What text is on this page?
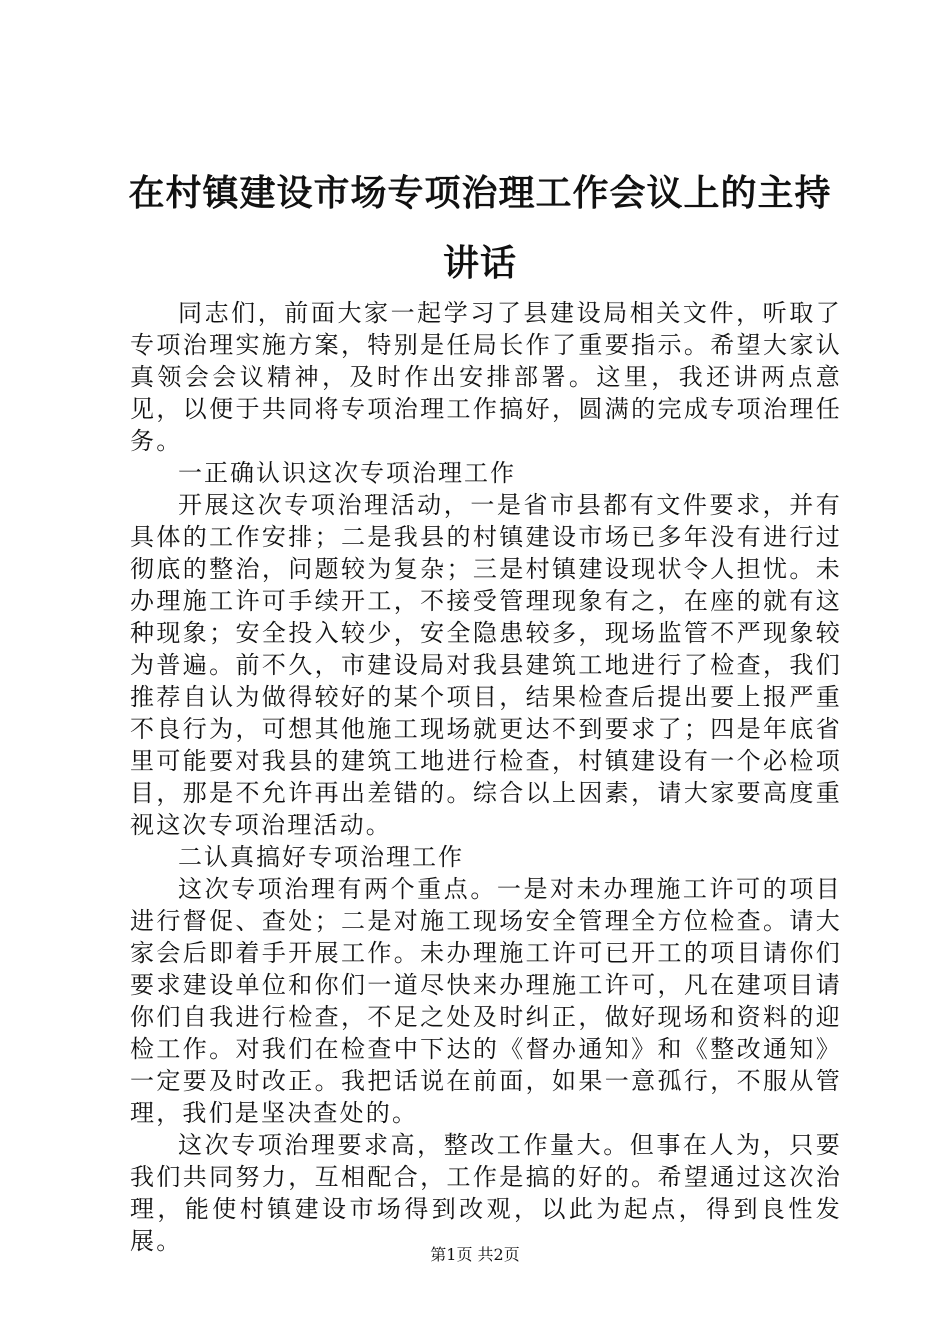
在村镇建设市场专项治理工作会议上的主持讲话

同志们，前面大家一起学习了县建设局相关文件，听取了专项治理实施方案，特别是任局长作了重要指示。希望大家认真领会会议精神，及时作出安排部署。这里，我还讲两点意见，以便于共同将专项治理工作搞好，圆满的完成专项治理任务。

一正确认识这次专项治理工作

开展这次专项治理活动，一是省市县都有文件要求，并有具体的工作安排；二是我县的村镇建设市场已多年没有进行过彻底的整治，问题较为复杂；三是村镇建设现状令人担忧。未办理施工许可手续开工，不接受管理现象有之，在座的就有这种现象；安全投入较少，安全隐患较多，现场监管不严现象较为普遍。前不久，市建设局对我县建筑工地进行了检查，我们推荐自认为做得较好的某个项目，结果检查后提出要上报严重不良行为，可想其他施工现场就更达不到要求了；四是年底省里可能要对我县的建筑工地进行检查，村镇建设有一个必检项目，那是不允许再出差错的。综合以上因素，请大家要高度重视这次专项治理活动。

二认真搞好专项治理工作

这次专项治理有两个重点。一是对未办理施工许可的项目进行督促、查处；二是对施工现场安全管理全方位检查。请大家会后即着手开展工作。未办理施工许可已开工的项目请你们要求建设单位和你们一道尽快来办理施工许可，凡在建项目请你们自我进行检查，不足之处及时纠正，做好现场和资料的迎检工作。对我们在检查中下达的《督办通知》和《整改通知》一定要及时改正。我把话说在前面，如果一意孤行，不服从管理，我们是坚决查处的。

这次专项治理要求高，整改工作量大。但事在人为，只要我们共同努力，互相配合，工作是搞的好的。希望通过这次治理，能使村镇建设市场得到改观，以此为起点，得到良性发展。	第1页 共2页
